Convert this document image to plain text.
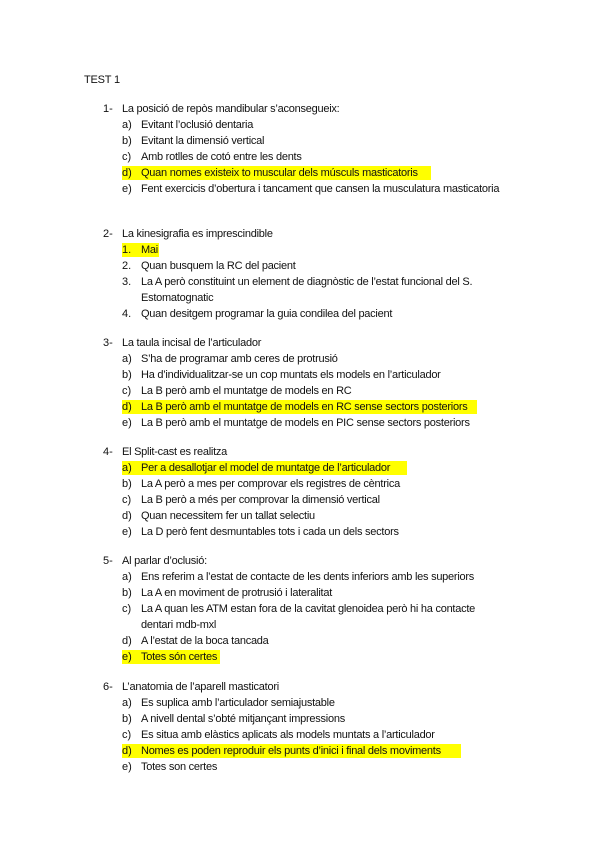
TEST 1
1- La posició de repòs mandibular s’aconsegueix:
a) Evitant l’oclusió dentaria
b) Evitant la dimensió vertical
c) Amb rotlles de cotó entre les dents
d) Quan nomes existeix to muscular dels músculs masticatoris
e) Fent exercicis d’obertura i tancament que cansen la musculatura masticatoria
2- La kinesigrafia es imprescindible
1. Mai
2. Quan busquem la RC del pacient
3. La A però constituint un element de diagnòstic de l’estat funcional del S. Estomatognatic
4. Quan desitgem programar la guia condilea del pacient
3- La taula incisal de l’articulador
a) S’ha de programar amb ceres de protrusió
b) Ha d’individualitzar-se un cop muntats els models en l’articulador
c) La B però amb el muntatge de models en RC
d) La B però amb el muntatge de models en RC sense sectors posteriors
e) La B però amb el muntatge de models en PIC sense sectors posteriors
4- El Split-cast es realitza
a) Per a desallotjar el model de muntatge de l’articulador
b) La A però a mes per comprovar els registres de cèntrica
c) La B però a més per comprovar la dimensió vertical
d) Quan necessitem fer un tallat selectiu
e) La D però fent desmuntables tots i cada un dels sectors
5- Al parlar d’oclusió:
a) Ens referim a l’estat de contacte de les dents inferiors amb les superiors
b) La A en moviment de protrusió i lateralitat
c) La A quan les ATM estan fora de la cavitat glenoidea però hi ha contacte dentari mdb-mxl
d) A l’estat de la boca tancada
e) Totes són certes
6- L’anatomia de l’aparell masticatori
a) Es suplica amb l’articulador semiajustable
b) A nivell dental s’obté mitjançant impressions
c) Es situa amb elàstics aplicats als models muntats a l’articulador
d) Nomes es poden reproduir els punts d’inici i final dels moviments
e) Totes son certes
